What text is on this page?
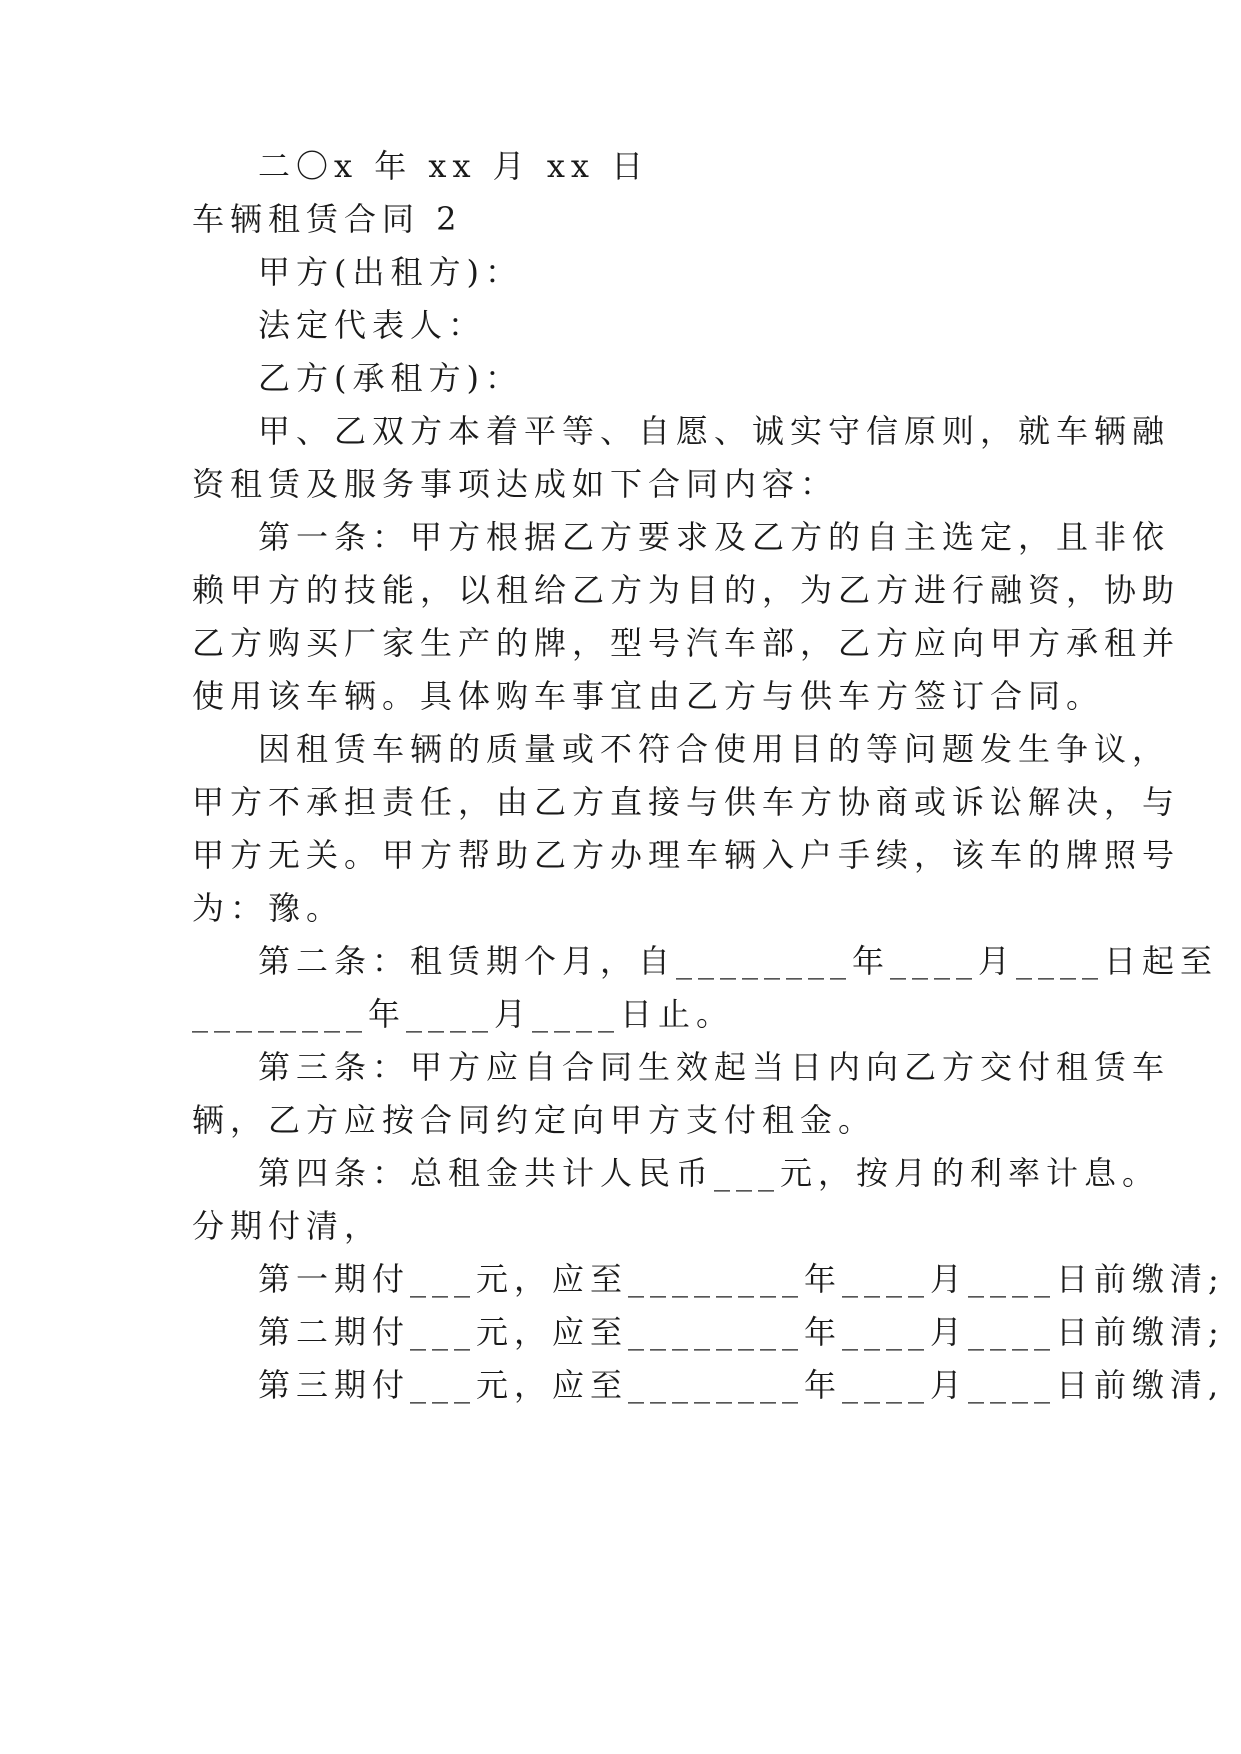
二〇x 年 xx 月 xx 日
车辆租赁合同 2
甲方(出租方)：
法定代表人：
乙方(承租方)：
甲、乙双方本着平等、自愿、诚实守信原则，就车辆融
资租赁及服务事项达成如下合同内容：
第一条：甲方根据乙方要求及乙方的自主选定，且非依
赖甲方的技能，以租给乙方为目的，为乙方进行融资，协助
乙方购买厂家生产的牌，型号汽车部，乙方应向甲方承租并
使用该车辆。具体购车事宜由乙方与供车方签订合同。
因租赁车辆的质量或不符合使用目的等问题发生争议，
甲方不承担责任，由乙方直接与供车方协商或诉讼解决，与
甲方无关。甲方帮助乙方办理车辆入户手续，该车的牌照号
为：豫。
第二条：租赁期个月，自________年____月____日起至
________年____月____日止。
第三条：甲方应自合同生效起当日内向乙方交付租赁车
辆，乙方应按合同约定向甲方支付租金。
第四条：总租金共计人民币___元，按月的利率计息。
分期付清，
第一期付___元，应至________年____月____日前缴清;
第二期付___元，应至________年____月____日前缴清;
第三期付___元，应至________年____月____日前缴清,
